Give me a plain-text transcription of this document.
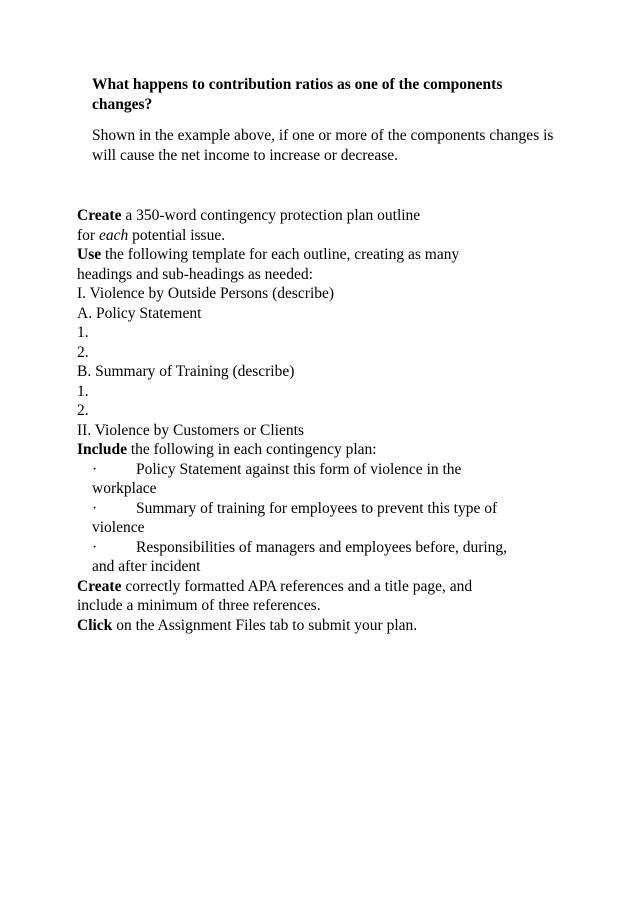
What happens to contribution ratios as one of the components changes?

Shown in the example above, if one or more of the components changes is will cause the net income to increase or decrease.

Create a 350-word contingency protection plan outline
for each potential issue.
Use the following template for each outline, creating as many
headings and sub-headings as needed:
I. Violence by Outside Persons (describe)
A. Policy Statement
1.
2.
B. Summary of Training (describe)
1.
2.
II. Violence by Customers or Clients
Include the following in each contingency plan:
·	Policy Statement against this form of violence in the
workplace
·	Summary of training for employees to prevent this type of
violence
·	Responsibilities of managers and employees before, during,
and after incident
Create correctly formatted APA references and a title page, and
include a minimum of three references.
Click on the Assignment Files tab to submit your plan.
